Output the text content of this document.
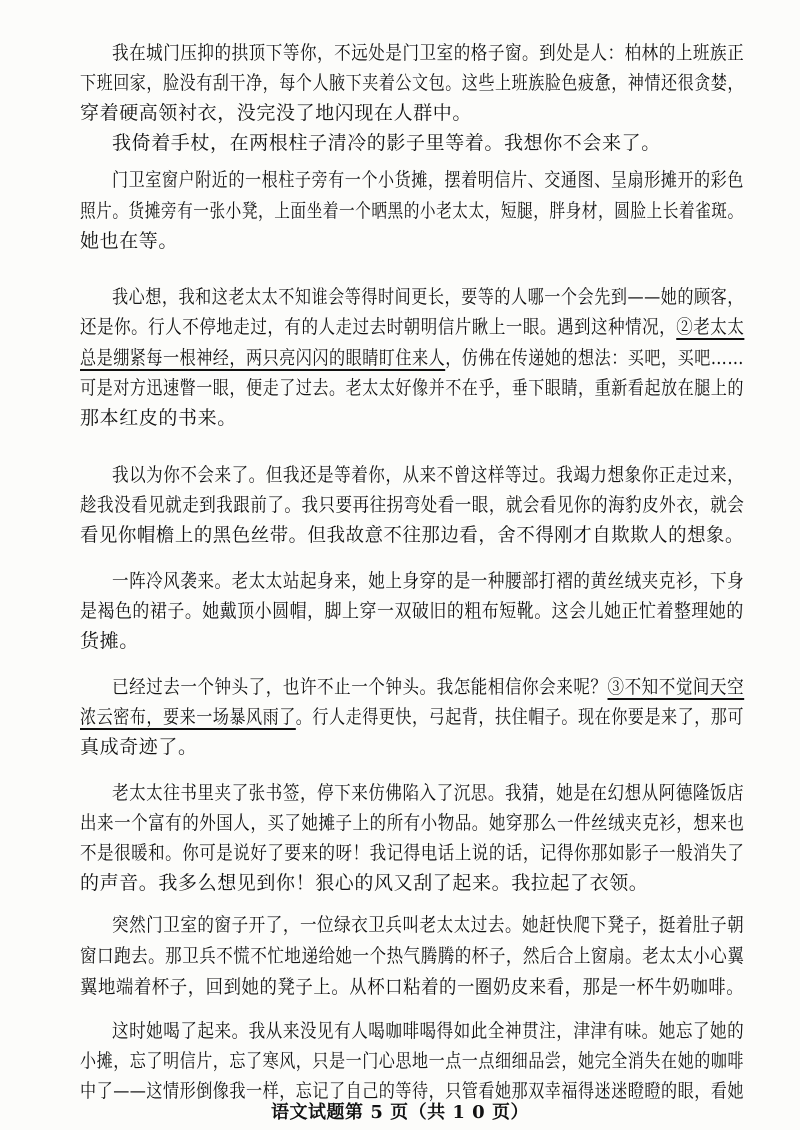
我在城门压抑的拱顶下等你，不远处是门卫室的格子窗。到处是人：柏林的上班族正
下班回家，脸没有刮干净，每个人腋下夹着公文包。这些上班族脸色疲惫，神情还很贪婪，
穿着硬高领衬衣，没完没了地闪现在人群中。
我倚着手杖，在两根柱子清冷的影子里等着。我想你不会来了。
门卫室窗户附近的一根柱子旁有一个小货摊，摆着明信片、交通图、呈扇形摊开的彩色
照片。货摊旁有一张小凳，上面坐着一个晒黑的小老太太，短腿，胖身材，圆脸上长着雀斑。
她也在等。
我心想，我和这老太太不知谁会等得时间更长，要等的人哪一个会先到——她的顾客，
还是你。行人不停地走过，有的人走过去时朝明信片瞅上一眼。遇到这种情况，②老太太
总是绷紧每一根神经，两只亮闪闪的眼睛盯住来人，仿佛在传递她的想法：买吧，买吧……
可是对方迅速瞥一眼，便走了过去。老太太好像并不在乎，垂下眼睛，重新看起放在腿上的
那本红皮的书来。
我以为你不会来了。但我还是等着你，从来不曾这样等过。我竭力想象你正走过来，
趁我没看见就走到我跟前了。我只要再往拐弯处看一眼，就会看见你的海豹皮外衣，就会
看见你帽檐上的黑色丝带。但我故意不往那边看，舍不得刚才自欺欺人的想象。
一阵冷风袭来。老太太站起身来，她上身穿的是一种腰部打褶的黄丝绒夹克衫，下身
是褐色的裙子。她戴顶小圆帽，脚上穿一双破旧的粗布短靴。这会儿她正忙着整理她的
货摊。
已经过去一个钟头了，也许不止一个钟头。我怎能相信你会来呢？③不知不觉间天空
浓云密布，要来一场暴风雨了。行人走得更快，弓起背，扶住帽子。现在你要是来了，那可
真成奇迹了。
老太太往书里夹了张书签，停下来仿佛陷入了沉思。我猜，她是在幻想从阿德隆饭店
出来一个富有的外国人，买了她摊子上的所有小物品。她穿那么一件丝绒夹克衫，想来也
不是很暖和。你可是说好了要来的呀！我记得电话上说的话，记得你那如影子一般消失了
的声音。我多么想见到你！狠心的风又刮了起来。我拉起了衣领。
突然门卫室的窗子开了，一位绿衣卫兵叫老太太过去。她赶快爬下凳子，挺着肚子朝
窗口跑去。那卫兵不慌不忙地递给她一个热气腾腾的杯子，然后合上窗扇。老太太小心翼
翼地端着杯子，回到她的凳子上。从杯口粘着的一圈奶皮来看，那是一杯牛奶咖啡。
这时她喝了起来。我从来没见有人喝咖啡喝得如此全神贯注，津津有味。她忘了她的
小摊，忘了明信片，忘了寒风，只是一门心思地一点一点细细品尝，她完全消失在她的咖啡
中了——这情形倒像我一样，忘记了自己的等待，只管看她那双幸福得迷迷瞪瞪的眼，看她
语文试题第 5 页（共 1 0 页）
